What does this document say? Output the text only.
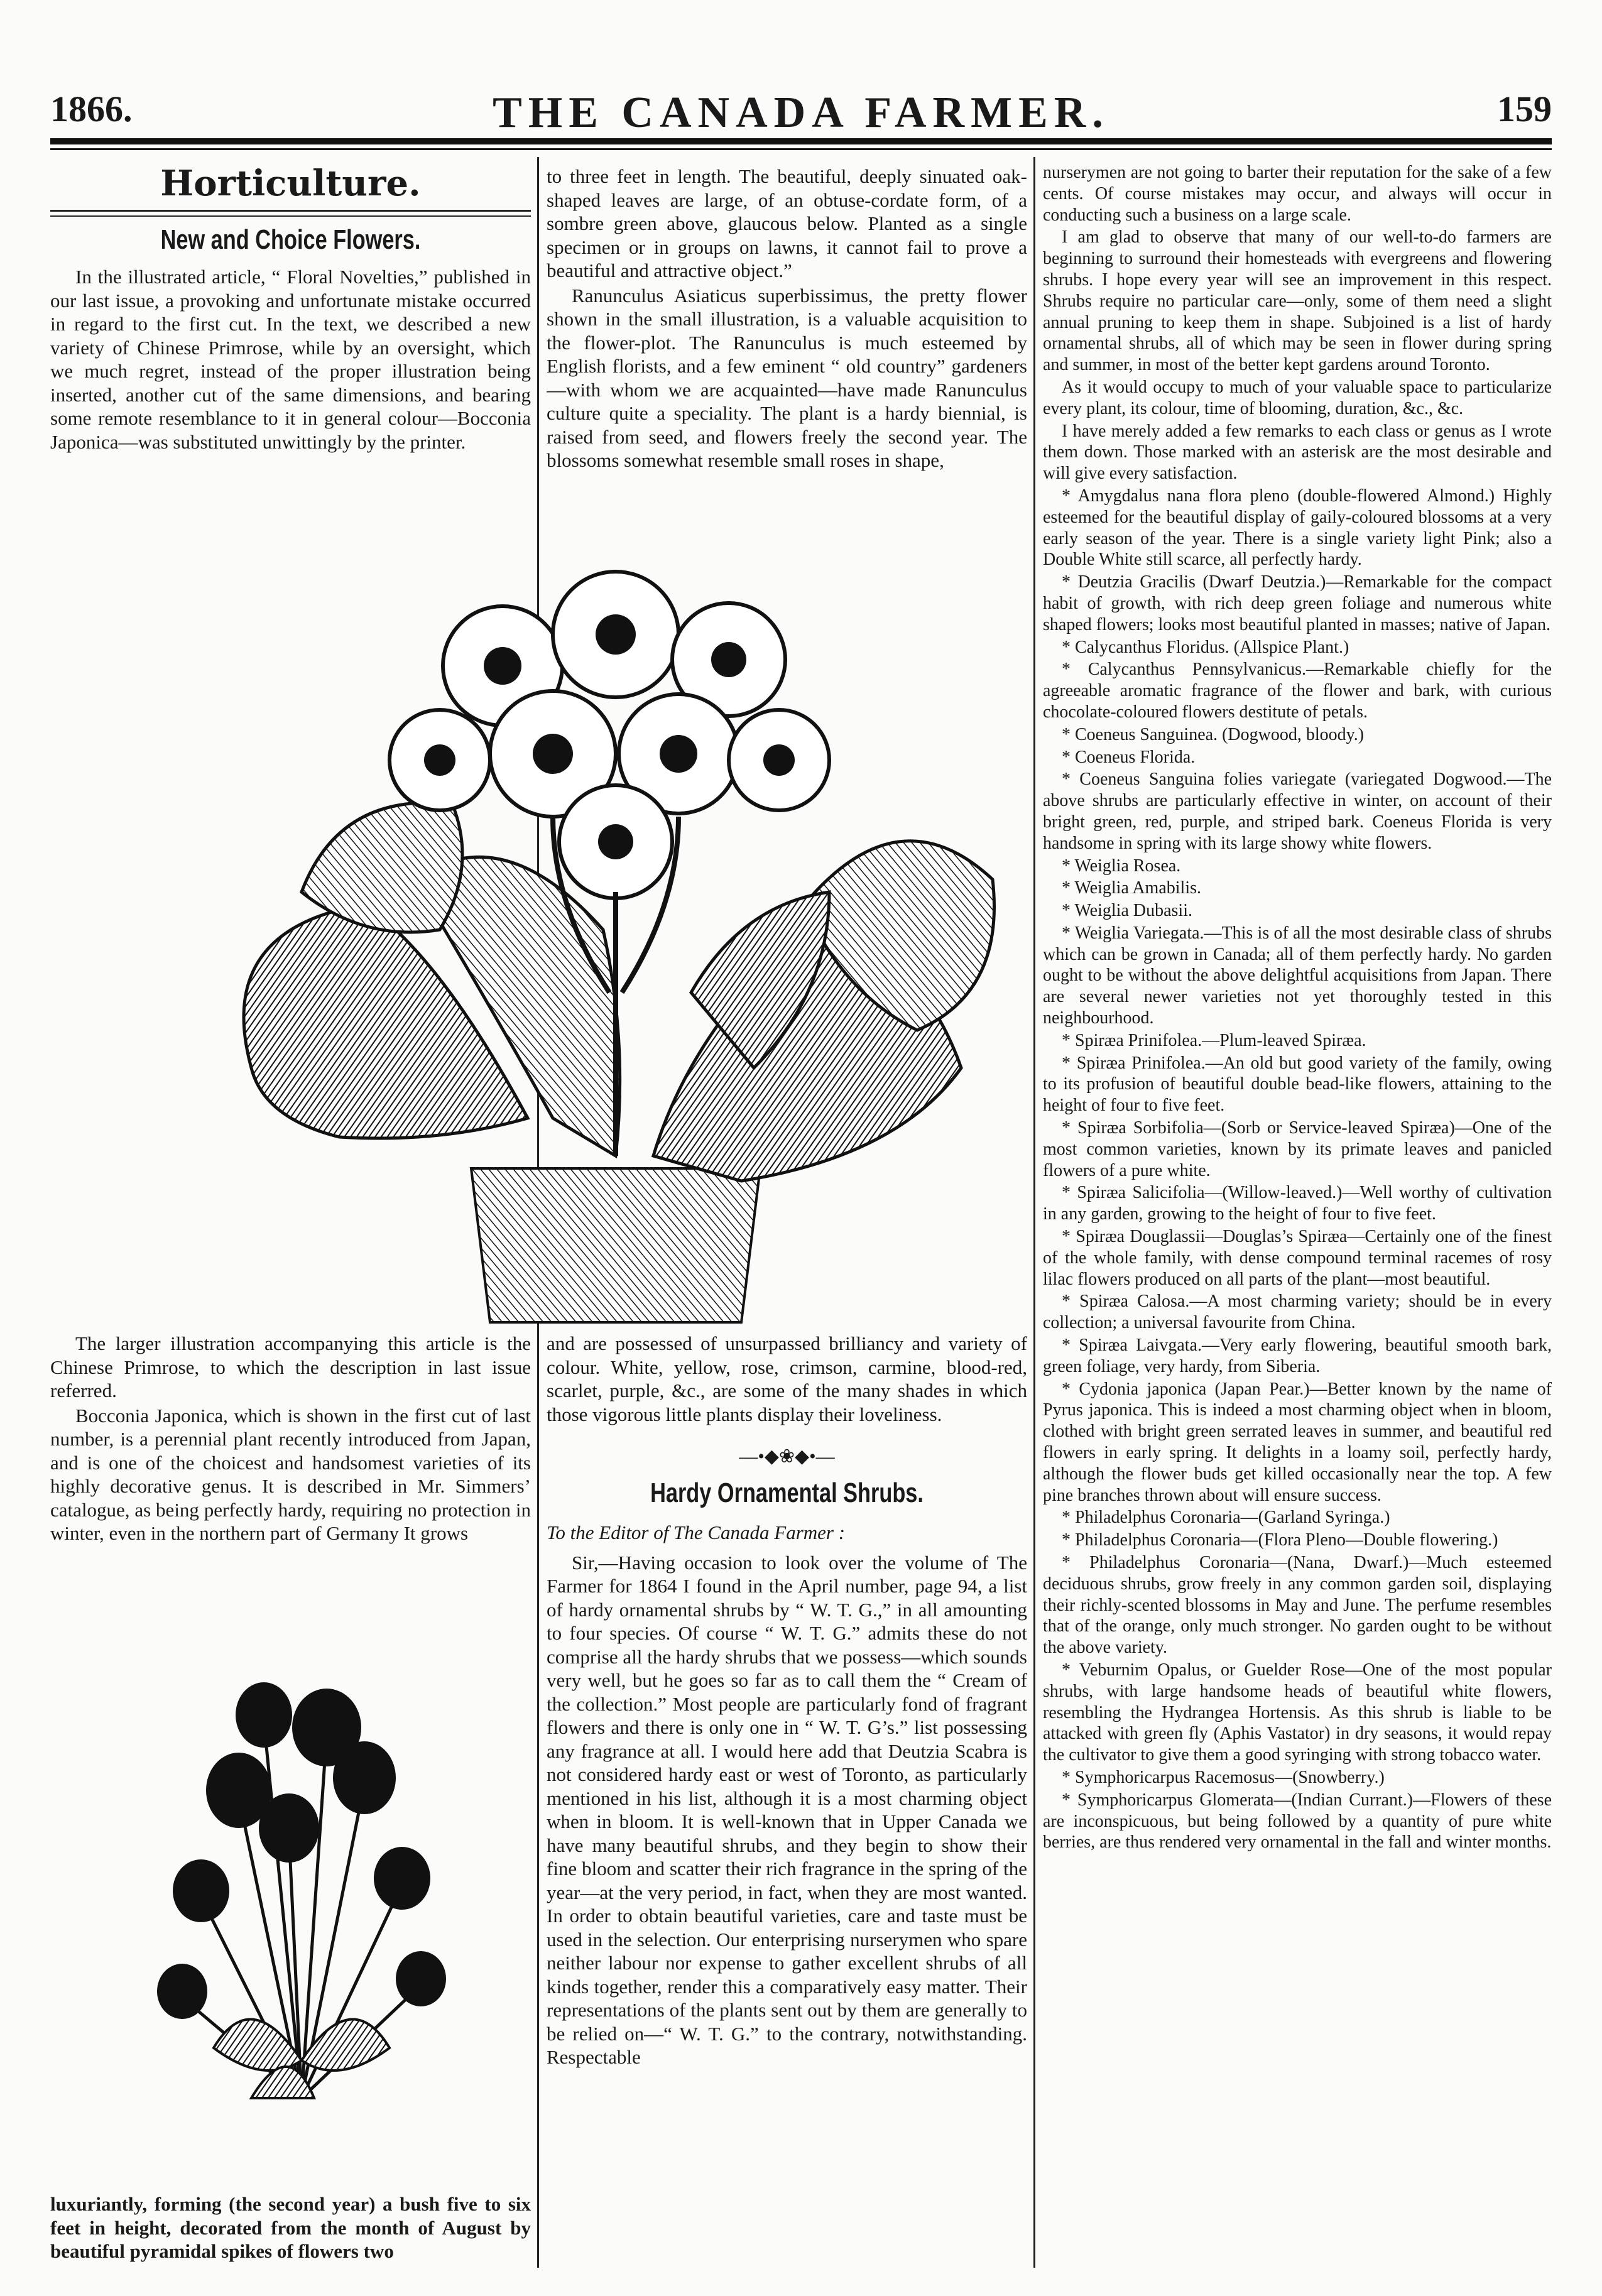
1866.	THE CANADA FARMER.	159
Horticulture.
New and Choice Flowers.

In the illustrated article, “ Floral Novelties,” published in our last issue, a provoking and unfortunate mistake occurred in regard to the first cut. In the text, we described a new variety of Chinese Primrose, while by an oversight, which we much regret, instead of the proper illustration being inserted, another cut of the same dimensions, and bearing some remote resemblance to it in general colour—Bocconia Japonica—was substituted unwittingly by the printer.

to three feet in length. The beautiful, deeply sinuated oak-shaped leaves are large, of an obtuse-cordate form, of a sombre green above, glaucous below. Planted as a single specimen or in groups on lawns, it cannot fail to prove a beautiful and attractive object.”

Ranunculus Asiaticus superbissimus, the pretty flower shown in the small illustration, is a valuable acquisition to the flower-plot. The Ranunculus is much esteemed by English florists, and a few eminent “ old country” gardeners—with whom we are acquainted—have made Ranunculus culture quite a speciality. The plant is a hardy biennial, is raised from seed, and flowers freely the second year. The blossoms somewhat resemble small roses in shape,

The larger illustration accompanying this article is the Chinese Primrose, to which the description in last issue referred.

Bocconia Japonica, which is shown in the first cut of last number, is a perennial plant recently introduced from Japan, and is one of the choicest and handsomest varieties of its highly decorative genus. It is described in Mr. Simmers’ catalogue, as being perfectly hardy, requiring no protection in winter, even in the northern part of Germany It grows

luxuriantly, forming (the second year) a bush five to six feet in height, decorated from the month of August by beautiful pyramidal spikes of flowers two

and are possessed of unsurpassed brilliancy and variety of colour. White, yellow, rose, crimson, carmine, blood-red, scarlet, purple, &c., are some of the many shades in which those vigorous little plants display their loveliness.

—•◆❀◆•—
Hardy Ornamental Shrubs.

To the Editor of The Canada Farmer :

Sir,—Having occasion to look over the volume of The Farmer for 1864 I found in the April number, page 94, a list of hardy ornamental shrubs by “ W. T. G.,” in all amounting to four species. Of course “ W. T. G.” admits these do not comprise all the hardy shrubs that we possess—which sounds very well, but he goes so far as to call them the “ Cream of the collection.” Most people are particularly fond of fragrant flowers and there is only one in “ W. T. G’s.” list possessing any fragrance at all. I would here add that Deutzia Scabra is not considered hardy east or west of Toronto, as particularly mentioned in his list, although it is a most charming object when in bloom. It is well-known that in Upper Canada we have many beautiful shrubs, and they begin to show their fine bloom and scatter their rich fragrance in the spring of the year—at the very period, in fact, when they are most wanted. In order to obtain beautiful varieties, care and taste must be used in the selection. Our enterprising nurserymen who spare neither labour nor expense to gather excellent shrubs of all kinds together, render this a comparatively easy matter. Their representations of the plants sent out by them are generally to be relied on—“ W. T. G.” to the contrary, notwithstanding. Respectable

nurserymen are not going to barter their reputation for the sake of a few cents. Of course mistakes may occur, and always will occur in conducting such a business on a large scale.

I am glad to observe that many of our well-to-do farmers are beginning to surround their homesteads with evergreens and flowering shrubs. I hope every year will see an improvement in this respect. Shrubs require no particular care—only, some of them need a slight annual pruning to keep them in shape. Subjoined is a list of hardy ornamental shrubs, all of which may be seen in flower during spring and summer, in most of the better kept gardens around Toronto.

As it would occupy to much of your valuable space to particularize every plant, its colour, time of blooming, duration, &c., &c.

I have merely added a few remarks to each class or genus as I wrote them down. Those marked with an asterisk are the most desirable and will give every satisfaction.

* Amygdalus nana flora pleno (double-flowered Almond.) Highly esteemed for the beautiful display of gaily-coloured blossoms at a very early season of the year. There is a single variety light Pink; also a Double White still scarce, all perfectly hardy.

* Deutzia Gracilis (Dwarf Deutzia.)—Remarkable for the compact habit of growth, with rich deep green foliage and numerous white shaped flowers; looks most beautiful planted in masses; native of Japan.

* Calycanthus Floridus. (Allspice Plant.)

* Calycanthus Pennsylvanicus.—Remarkable chiefly for the agreeable aromatic fragrance of the flower and bark, with curious chocolate-coloured flowers destitute of petals.

* Coeneus Sanguinea. (Dogwood, bloody.)

* Coeneus Florida.

* Coeneus Sanguina folies variegate (variegated Dogwood.—The above shrubs are particularly effective in winter, on account of their bright green, red, purple, and striped bark. Coeneus Florida is very handsome in spring with its large showy white flowers.

* Weiglia Rosea.

* Weiglia Amabilis.

* Weiglia Dubasii.

* Weiglia Variegata.—This is of all the most desirable class of shrubs which can be grown in Canada; all of them perfectly hardy. No garden ought to be without the above delightful acquisitions from Japan. There are several newer varieties not yet thoroughly tested in this neighbourhood.

* Spiræa Prinifolea.—Plum-leaved Spiræa.

* Spiræa Prinifolea.—An old but good variety of the family, owing to its profusion of beautiful double bead-like flowers, attaining to the height of four to five feet.

* Spiræa Sorbifolia—(Sorb or Service-leaved Spiræa)—One of the most common varieties, known by its primate leaves and panicled flowers of a pure white.

* Spiræa Salicifolia—(Willow-leaved.)—Well worthy of cultivation in any garden, growing to the height of four to five feet.

* Spiræa Douglassii—Douglas’s Spiræa—Certainly one of the finest of the whole family, with dense compound terminal racemes of rosy lilac flowers produced on all parts of the plant—most beautiful.

* Spiræa Calosa.—A most charming variety; should be in every collection; a universal favourite from China.

* Spiræa Laivgata.—Very early flowering, beautiful smooth bark, green foliage, very hardy, from Siberia.

* Cydonia japonica (Japan Pear.)—Better known by the name of Pyrus japonica. This is indeed a most charming object when in bloom, clothed with bright green serrated leaves in summer, and beautiful red flowers in early spring. It delights in a loamy soil, perfectly hardy, although the flower buds get killed occasionally near the top. A few pine branches thrown about will ensure success.

* Philadelphus Coronaria—(Garland Syringa.)

* Philadelphus Coronaria—(Flora Pleno—Double flowering.)

* Philadelphus Coronaria—(Nana, Dwarf.)—Much esteemed deciduous shrubs, grow freely in any common garden soil, displaying their richly-scented blossoms in May and June. The perfume resembles that of the orange, only much stronger. No garden ought to be without the above variety.

* Veburnim Opalus, or Guelder Rose—One of the most popular shrubs, with large handsome heads of beautiful white flowers, resembling the Hydrangea Hortensis. As this shrub is liable to be attacked with green fly (Aphis Vastator) in dry seasons, it would repay the cultivator to give them a good syringing with strong tobacco water.

* Symphoricarpus Racemosus—(Snowberry.)

* Symphoricarpus Glomerata—(Indian Currant.)—Flowers of these are inconspicuous, but being followed by a quantity of pure white berries, are thus rendered very ornamental in the fall and winter months.
